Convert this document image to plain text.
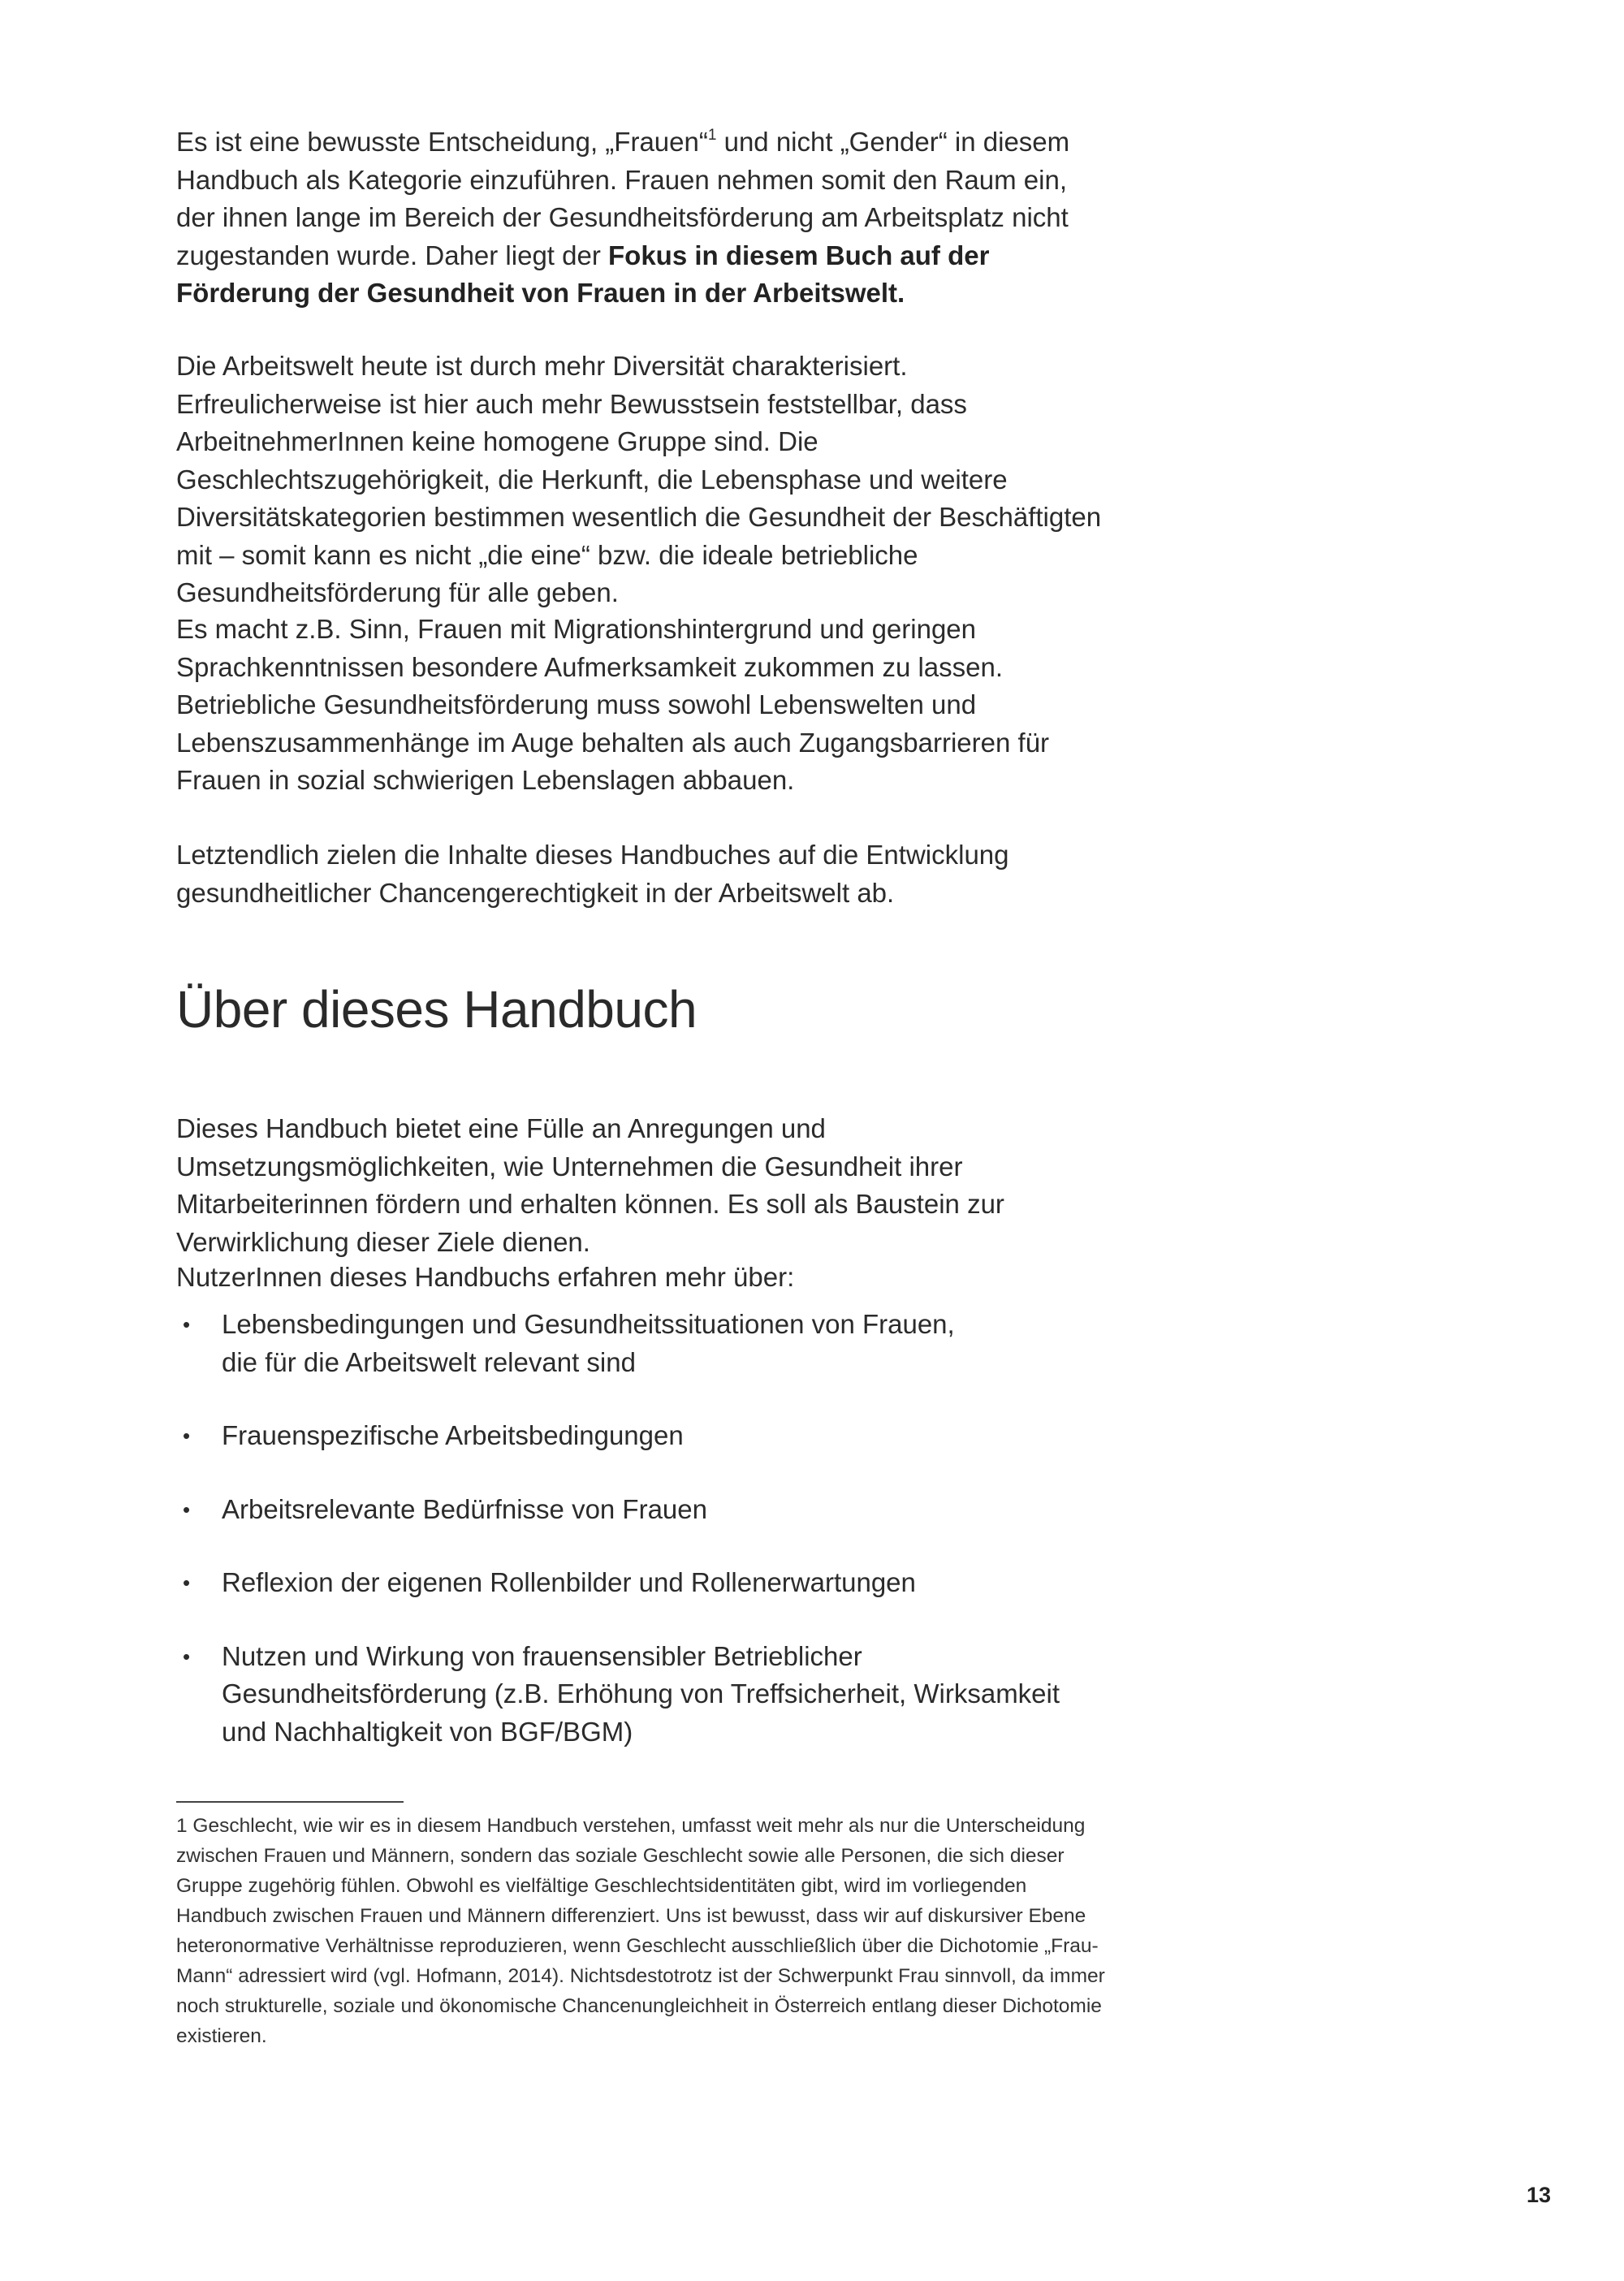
Es ist eine bewusste Entscheidung, „Frauen“$^1$ und nicht „Gender“ in diesem Handbuch als Kategorie einzuführen. Frauen nehmen somit den Raum ein, der ihnen lange im Bereich der Gesundheitsförderung am Arbeitsplatz nicht zugestanden wurde. Daher liegt der Fokus in diesem Buch auf der Förderung der Gesundheit von Frauen in der Arbeitswelt.

Die Arbeitswelt heute ist durch mehr Diversität charakterisiert. Erfreulicherweise ist hier auch mehr Bewusstsein feststellbar, dass ArbeitnehmerInnen keine homogene Gruppe sind. Die Geschlechtszugehörigkeit, die Herkunft, die Lebensphase und weitere Diversitätskategorien bestimmen wesentlich die Gesundheit der Beschäftigten mit – somit kann es nicht „die eine“ bzw. die ideale betriebliche Gesundheitsförderung für alle geben.

Es macht z.B. Sinn, Frauen mit Migrationshintergrund und geringen Sprachkenntnissen besondere Aufmerksamkeit zukommen zu lassen. Betriebliche Gesundheitsförderung muss sowohl Lebenswelten und Lebenszusammenhänge im Auge behalten als auch Zugangsbarrieren für Frauen in sozial schwierigen Lebenslagen abbauen.

Letztendlich zielen die Inhalte dieses Handbuches auf die Entwicklung gesundheitlicher Chancengerechtigkeit in der Arbeitswelt ab.

Über dieses Handbuch

Dieses Handbuch bietet eine Fülle an Anregungen und Umsetzungsmöglichkeiten, wie Unternehmen die Gesundheit ihrer Mitarbeiterinnen fördern und erhalten können. Es soll als Baustein zur Verwirklichung dieser Ziele dienen.

NutzerInnen dieses Handbuchs erfahren mehr über:

• Lebensbedingungen und Gesundheitssituationen von Frauen,
die für die Arbeitswelt relevant sind
• Frauenspezifische Arbeitsbedingungen
• Arbeitsrelevante Bedürfnisse von Frauen
• Reflexion der eigenen Rollenbilder und Rollenerwartungen
• Nutzen und Wirkung von frauensensibler Betrieblicher Gesundheitsförderung (z.B. Erhöhung von Treffsicherheit, Wirksamkeit und Nachhaltigkeit von BGF/BGM)

1 Geschlecht, wie wir es in diesem Handbuch verstehen, umfasst weit mehr als nur die Unterscheidung zwischen Frauen und Männern, sondern das soziale Geschlecht sowie alle Personen, die sich dieser Gruppe zugehörig fühlen. Obwohl es vielfältige Geschlechtsidentitäten gibt, wird im vorliegenden Handbuch zwischen Frauen und Männern differenziert. Uns ist bewusst, dass wir auf diskursiver Ebene heteronormative Verhältnisse reproduzieren, wenn Geschlecht ausschließlich über die Dichotomie „Frau-Mann“ adressiert wird (vgl. Hofmann, 2014). Nichtsdestotrotz ist der Schwerpunkt Frau sinnvoll, da immer noch strukturelle, soziale und ökonomische Chancenungleichheit in Österreich entlang dieser Dichotomie existieren.

13
